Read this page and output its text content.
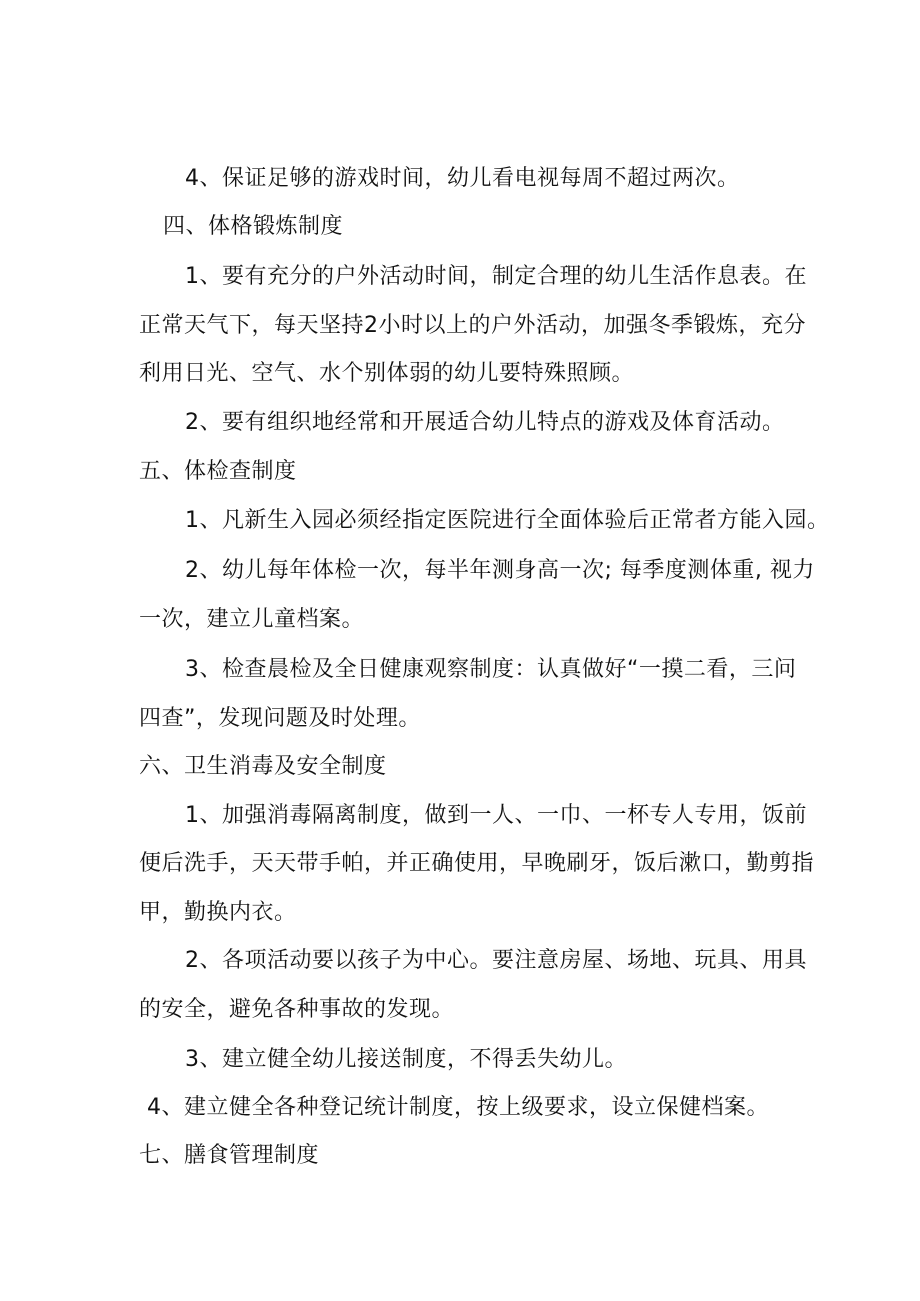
4、保证足够的游戏时间，幼儿看电视每周不超过两次。
四、体格锻炼制度
1、要有充分的户外活动时间，制定合理的幼儿生活作息表。在
正常天气下，每天坚持2小时以上的户外活动，加强冬季锻炼，充分
利用日光、空气、水个别体弱的幼儿要特殊照顾。
2、要有组织地经常和开展适合幼儿特点的游戏及体育活动。
五、体检查制度
1、凡新生入园必须经指定医院进行全面体验后正常者方能入园。
2、幼儿每年体检一次，每半年测身高一次; 每季度测体重, 视力
一次，建立儿童档案。
3、检查晨检及全日健康观察制度：认真做好“一摸二看，三问
四查”，发现问题及时处理。
六、卫生消毒及安全制度
1、加强消毒隔离制度，做到一人、一巾、一杯专人专用，饭前
便后洗手，天天带手帕，并正确使用，早晚刷牙，饭后漱口，勤剪指
甲，勤换内衣。
2、各项活动要以孩子为中心。要注意房屋、场地、玩具、用具
的安全，避免各种事故的发现。
3、建立健全幼儿接送制度，不得丢失幼儿。
4、建立健全各种登记统计制度，按上级要求，设立保健档案。
七、膳食管理制度
